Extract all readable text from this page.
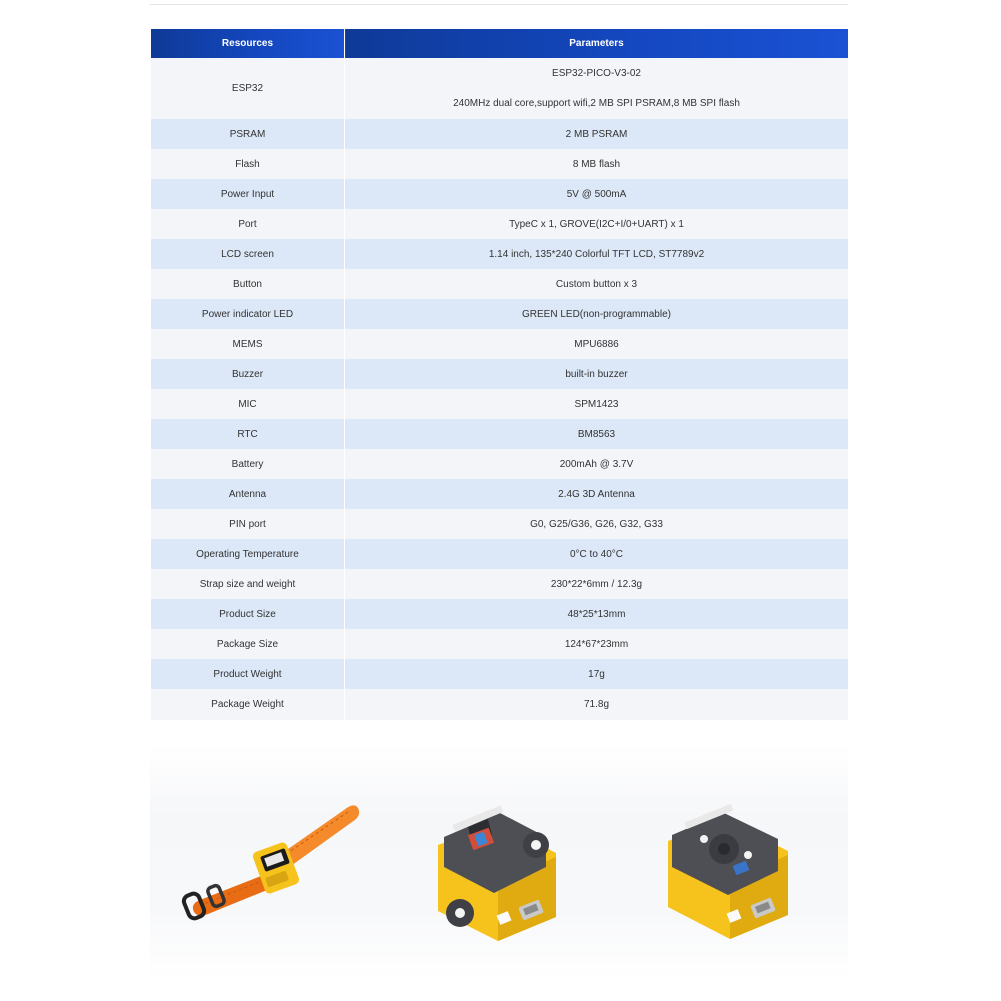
Resources	Parameters
ESP32	ESP32-PICO-V3-02
240MHz dual core,support wifi,2 MB SPI PSRAM,8 MB SPI flash

PSRAM	2 MB PSRAM

Flash	8 MB flash

Power Input	5V @ 500mA

Port	TypeC x 1, GROVE(I2C+I/0+UART) x 1

LCD screen	1.14 inch, 135*240 Colorful TFT LCD, ST7789v2

Button	Custom button x 3

Power indicator LED	GREEN LED(non-programmable)

MEMS	MPU6886

Buzzer	built-in buzzer

MIC	SPM1423

RTC	BM8563

Battery	200mAh @ 3.7V

Antenna	2.4G 3D Antenna

PIN port	G0, G25/G36, G26, G32, G33

Operating Temperature	0°C to 40°C

Strap size and weight	230*22*6mm / 12.3g

Product Size	48*25*13mm

Package Size	124*67*23mm

Product Weight	17g

Package Weight	71.8g
